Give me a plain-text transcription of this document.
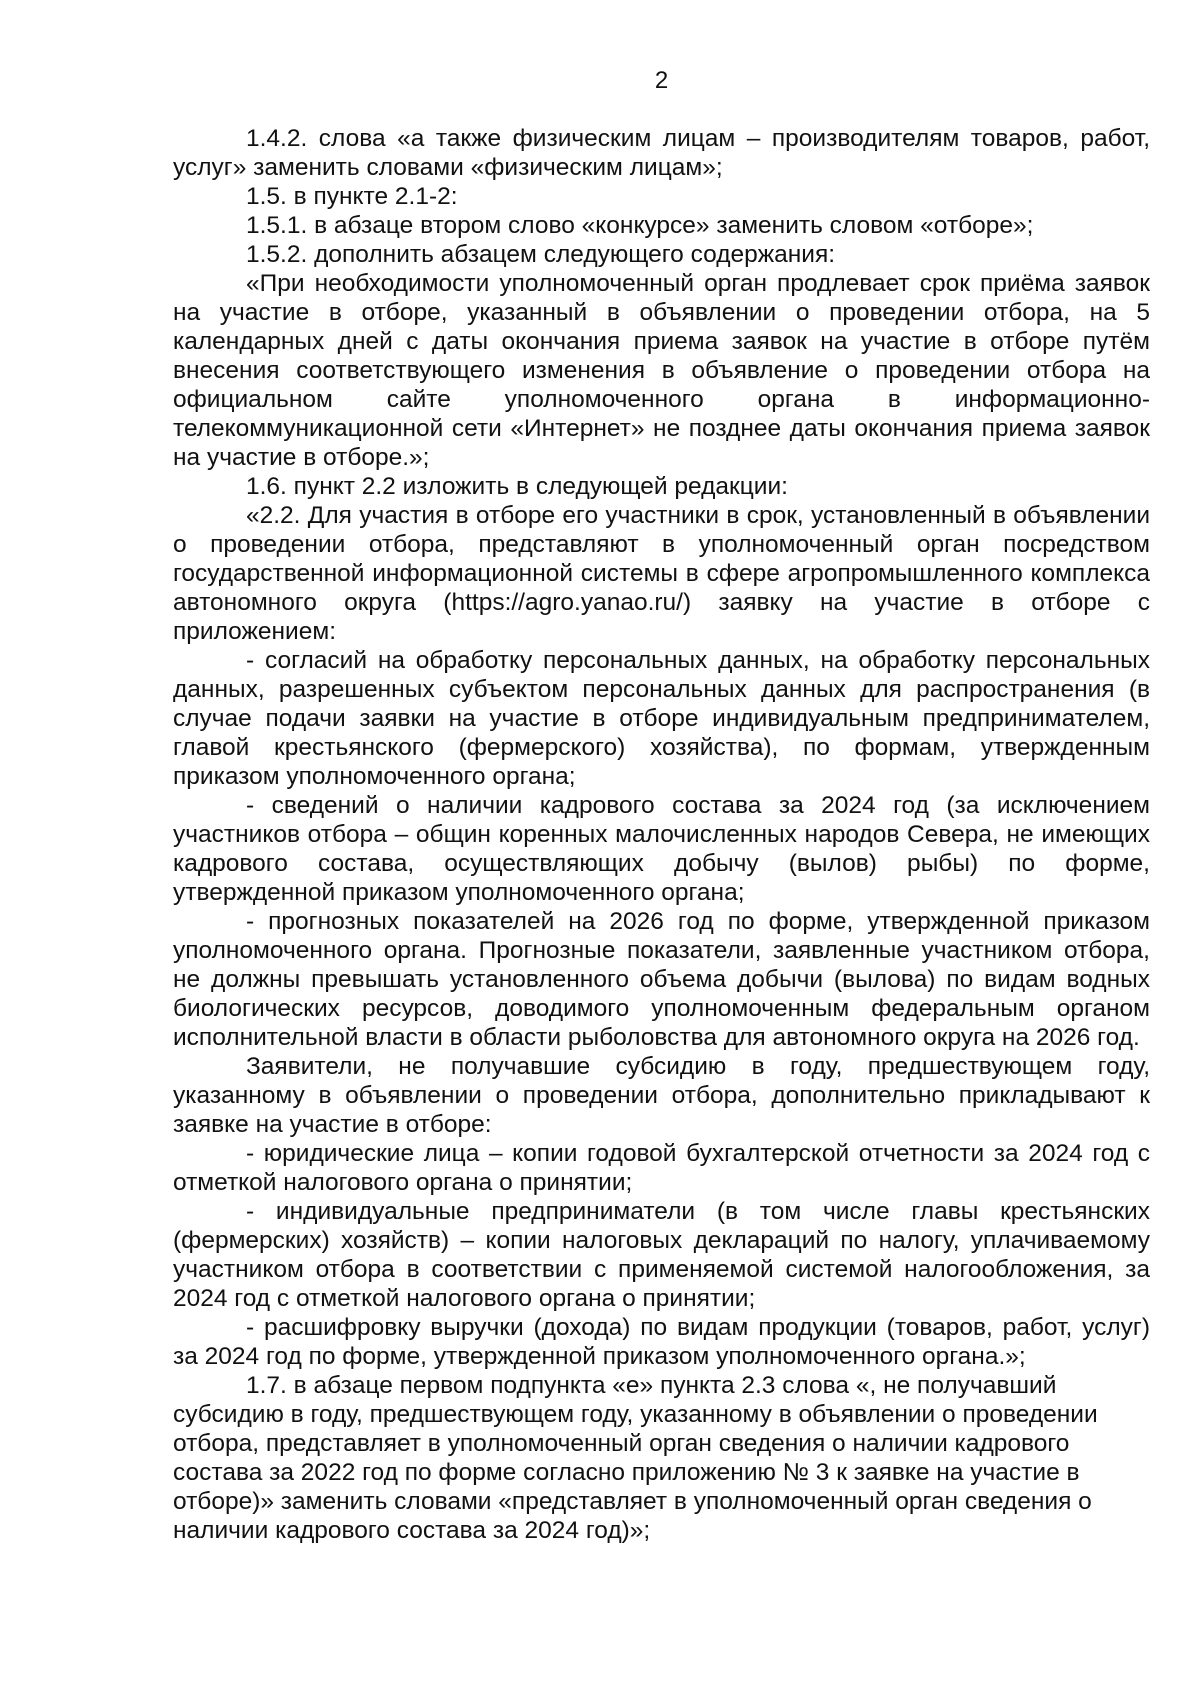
2

1.4.2. слова «а также физическим лицам – производителям товаров, работ, услуг» заменить словами «физическим лицам»;

1.5. в пункте 2.1-2:

1.5.1. в абзаце втором слово «конкурсе» заменить словом «отборе»;

1.5.2. дополнить абзацем следующего содержания:

«При необходимости уполномоченный орган продлевает срок приёма заявок на участие в отборе, указанный в объявлении о проведении отбора, на 5 календарных дней с даты окончания приема заявок на участие в отборе путём внесения соответствующего изменения в объявление о проведении отбора на официальном сайте уполномоченного органа в информационно-телекоммуникационной сети «Интернет» не позднее даты окончания приема заявок на участие в отборе.»;

1.6. пункт 2.2 изложить в следующей редакции:

«2.2. Для участия в отборе его участники в срок, установленный в объявлении о проведении отбора, представляют в уполномоченный орган посредством государственной информационной системы в сфере агропромышленного комплекса автономного округа (https://agro.yanao.ru/) заявку на участие в отборе с приложением:

- согласий на обработку персональных данных, на обработку персональных данных, разрешенных субъектом персональных данных для распространения (в случае подачи заявки на участие в отборе индивидуальным предпринимателем, главой крестьянского (фермерского) хозяйства), по формам, утвержденным приказом уполномоченного органа;

- сведений о наличии кадрового состава за 2024 год (за исключением участников отбора – общин коренных малочисленных народов Севера, не имеющих кадрового состава, осуществляющих добычу (вылов) рыбы) по форме, утвержденной приказом уполномоченного органа;

- прогнозных показателей на 2026 год по форме, утвержденной приказом уполномоченного органа. Прогнозные показатели, заявленные участником отбора, не должны превышать установленного объема добычи (вылова) по видам водных биологических ресурсов, доводимого уполномоченным федеральным органом исполнительной власти в области рыболовства для автономного округа на 2026 год.

Заявители, не получавшие субсидию в году, предшествующем году, указанному в объявлении о проведении отбора, дополнительно прикладывают к заявке на участие в отборе:

- юридические лица – копии годовой бухгалтерской отчетности за 2024 год с отметкой налогового органа о принятии;

- индивидуальные предприниматели (в том числе главы крестьянских (фермерских) хозяйств) – копии налоговых деклараций по налогу, уплачиваемому участником отбора в соответствии с применяемой системой налогообложения, за 2024 год с отметкой налогового органа о принятии;

- расшифровку выручки (дохода) по видам продукции (товаров, работ, услуг) за 2024 год по форме, утвержденной приказом уполномоченного органа.»;

1.7. в абзаце первом подпункта «е» пункта 2.3 слова «, не получавший субсидию в году, предшествующем году, указанному в объявлении о проведении отбора, представляет в уполномоченный орган сведения о наличии кадрового состава за 2022 год по форме согласно приложению № 3 к заявке на участие в отборе)» заменить словами «представляет в уполномоченный орган сведения о наличии кадрового состава за 2024 год)»;
